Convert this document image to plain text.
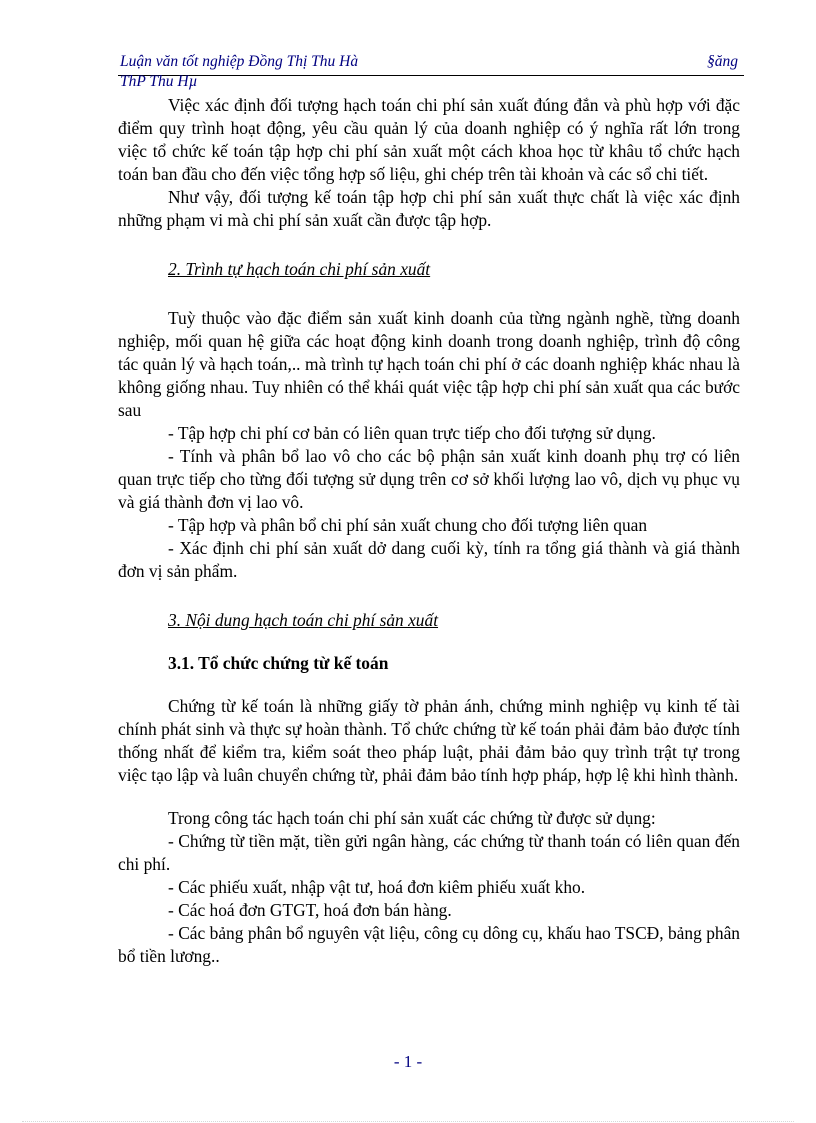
Luận văn tốt nghiệp Đồng Thị Thu Hà	§ăng
ThP Thu Hµ

Việc xác định đối tượng hạch toán chi phí sản xuất đúng đắn và phù hợp với đặc điểm quy trình hoạt động, yêu cầu quản lý của doanh nghiệp có ý nghĩa rất lớn trong việc tổ chức kế toán tập hợp chi phí sản xuất một cách khoa học từ khâu tổ chức hạch toán ban đầu cho đến việc tổng hợp số liệu, ghi chép trên tài khoản và các sổ chi tiết.

Như vậy, đối tượng kế toán tập hợp chi phí sản xuất thực chất là việc xác định những phạm vi mà chi phí sản xuất cần được tập hợp.

2. Trình tự hạch toán chi phí sản xuất

Tuỳ thuộc vào đặc điểm sản xuất kinh doanh của từng ngành nghề, từng doanh nghiệp, mối quan hệ giữa các hoạt động kinh doanh trong doanh nghiệp, trình độ công tác quản lý và hạch toán,.. mà trình tự hạch toán chi phí ở các doanh nghiệp khác nhau là không giống nhau. Tuy nhiên có thể khái quát việc tập hợp chi phí sản xuất qua các bước sau

- Tập hợp chi phí cơ bản có liên quan trực tiếp cho đối tượng sử dụng.

- Tính và phân bổ lao vô cho các bộ phận sản xuất kinh doanh phụ trợ có liên quan trực tiếp cho từng đối tượng sử dụng trên cơ sở khối lượng lao vô, dịch vụ phục vụ và giá thành đơn vị lao vô.

- Tập hợp và phân bổ chi phí sản xuất chung cho đối tượng liên quan

- Xác định chi phí sản xuất dở dang cuối kỳ, tính ra tổng giá thành và giá thành đơn vị sản phẩm.

3. Nội dung hạch toán chi phí sản xuất

3.1. Tổ chức chứng từ kế toán

Chứng từ kế toán là những giấy tờ phản ánh, chứng minh nghiệp vụ kinh tế tài chính phát sinh và thực sự hoàn thành. Tổ chức chứng từ kế toán phải đảm bảo được tính thống nhất để kiểm tra, kiểm soát theo pháp luật, phải đảm bảo quy trình trật tự trong việc tạo lập và luân chuyển chứng từ, phải đảm bảo tính hợp pháp, hợp lệ khi hình thành.

Trong công tác hạch toán chi phí sản xuất các chứng từ được sử dụng:

- Chứng từ tiền mặt, tiền gửi ngân hàng, các chứng từ thanh toán có liên quan đến chi phí.

- Các phiếu xuất, nhập vật tư, hoá đơn kiêm phiếu xuất kho.

- Các hoá đơn GTGT, hoá đơn bán hàng.

- Các bảng phân bổ nguyên vật liệu, công cụ dông cụ, khấu hao TSCĐ, bảng phân bổ tiền lương..

- 1 -
